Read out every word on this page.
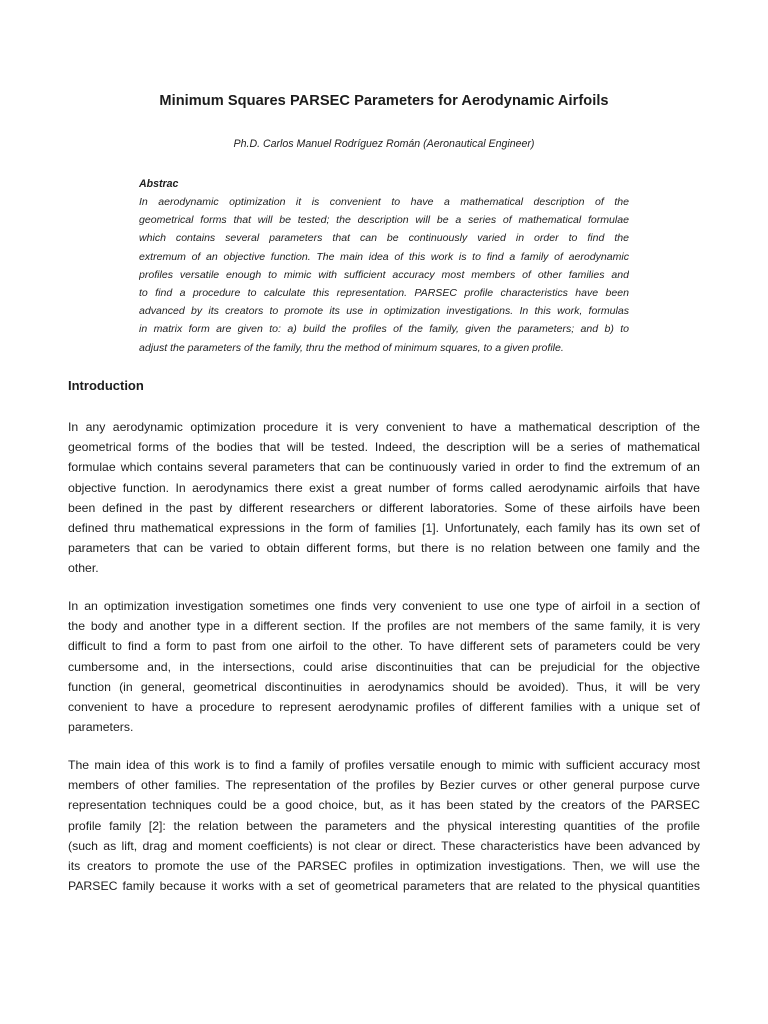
Minimum Squares PARSEC Parameters for Aerodynamic Airfoils
Ph.D. Carlos Manuel Rodríguez Román (Aeronautical Engineer)
Abstrac
In aerodynamic optimization it is convenient to have a mathematical description of the
geometrical forms that will be tested; the description will be a series of mathematical formulae
which contains several parameters that can be continuously varied in order to find the
extremum of an objective function. The main idea of this work is to find a family of aerodynamic
profiles versatile enough to mimic with sufficient accuracy most members of other families and
to find a procedure to calculate this representation. PARSEC profile characteristics have been
advanced by its creators to promote its use in optimization investigations. In this work, formulas
in matrix form are given to: a) build the profiles of the family, given the parameters; and b) to
adjust the parameters of the family, thru the method of minimum squares, to a given profile.
Introduction
In any aerodynamic optimization procedure it is very convenient to have a mathematical description of the
geometrical forms of the bodies that will be tested. Indeed, the description will be a series of mathematical
formulae which contains several parameters that can be continuously varied in order to find the extremum of an
objective function. In aerodynamics there exist a great number of forms called aerodynamic airfoils that have
been defined in the past by different researchers or different laboratories. Some of these airfoils have been
defined thru mathematical expressions in the form of families [1]. Unfortunately, each family has its own set of
parameters that can be varied to obtain different forms, but there is no relation between one family and the
other.
In an optimization investigation sometimes one finds very convenient to use one type of airfoil in a section of
the body and another type in a different section. If the profiles are not members of the same family, it is very
difficult to find a form to past from one airfoil to the other. To have different sets of parameters could be very
cumbersome and, in the intersections, could arise discontinuities that can be prejudicial for the objective
function (in general, geometrical discontinuities in aerodynamics should be avoided). Thus, it will be very
convenient to have a procedure to represent aerodynamic profiles of different families with a unique set of
parameters.
The main idea of this work is to find a family of profiles versatile enough to mimic with sufficient accuracy most
members of other families. The representation of the profiles by Bezier curves or other general purpose curve
representation techniques could be a good choice, but, as it has been stated by the creators of the PARSEC
profile family [2]: the relation between the parameters and the physical interesting quantities of the profile
(such as lift, drag and moment coefficients) is not clear or direct. These characteristics have been advanced by
its creators to promote the use of the PARSEC profiles in optimization investigations. Then, we will use the
PARSEC family because it works with a set of geometrical parameters that are related to the physical quantities
